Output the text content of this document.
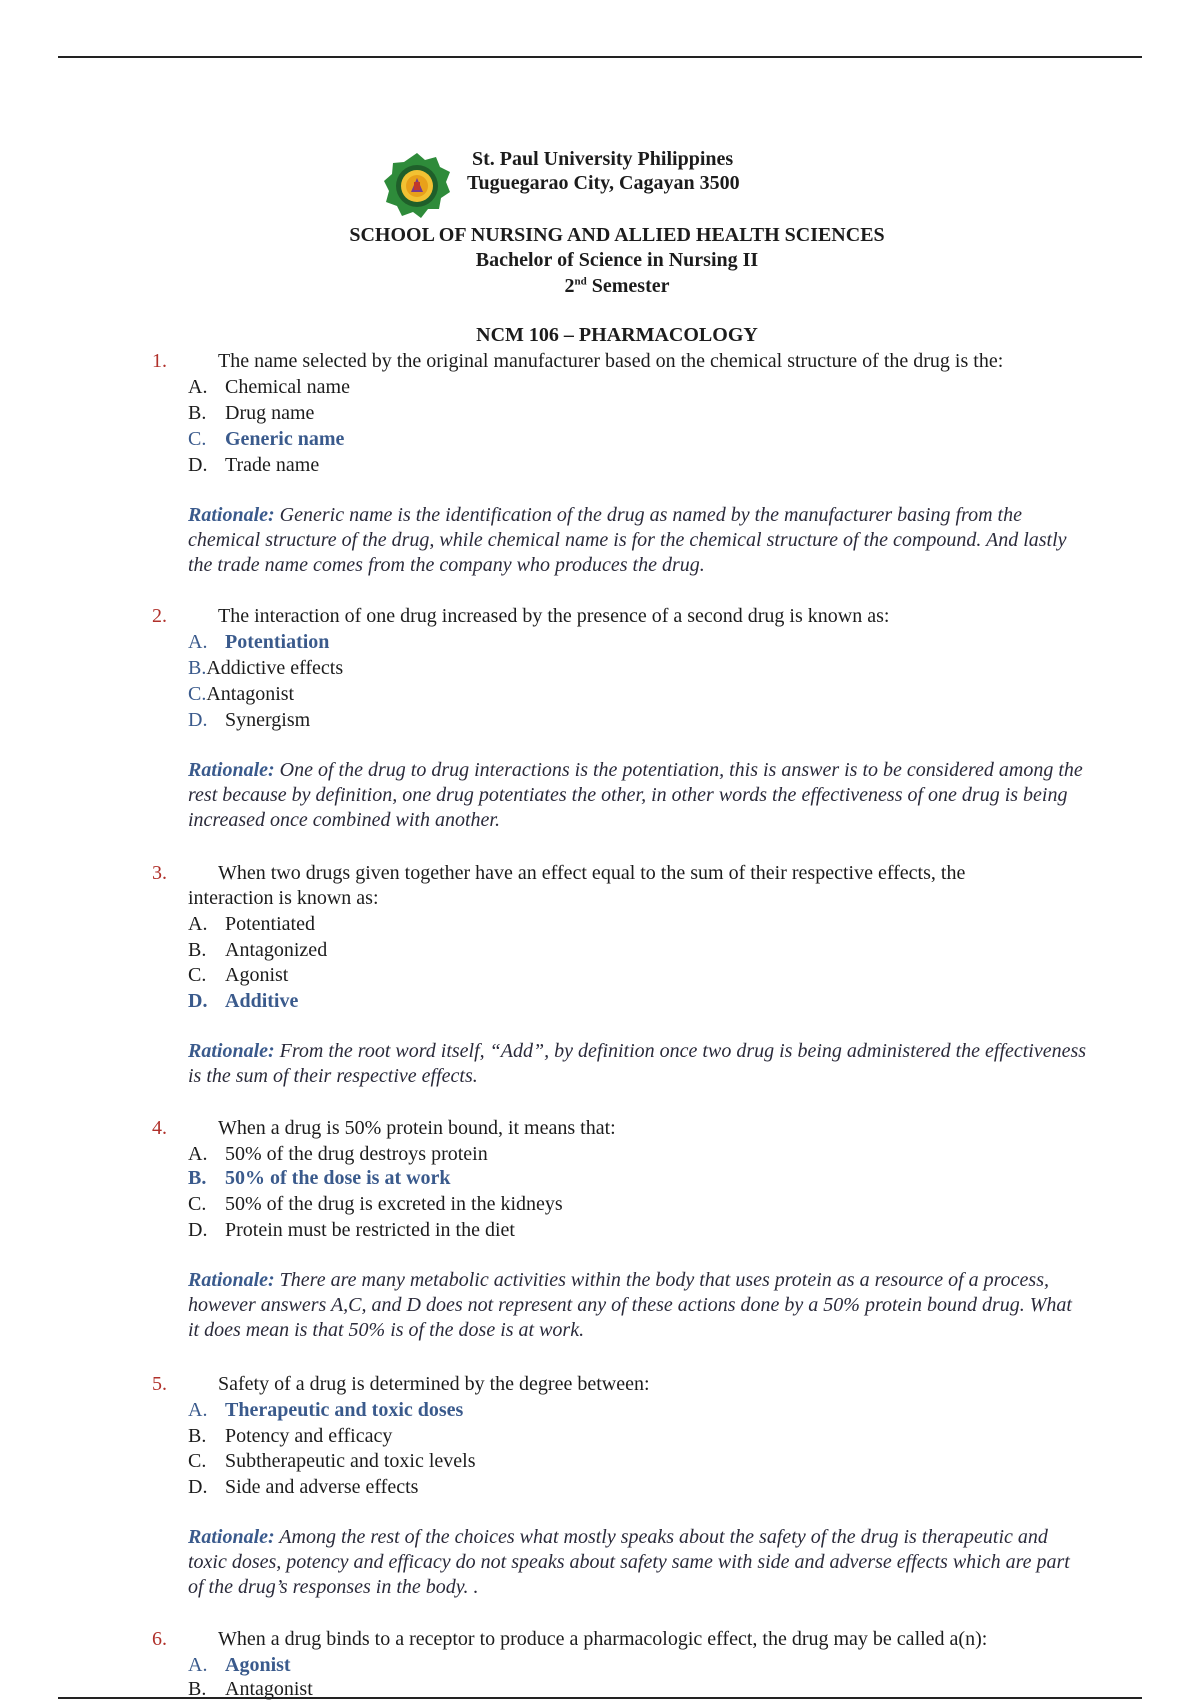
St. Paul University Philippines
Tuguegarao City, Cagayan 3500
SCHOOL OF NURSING AND ALLIED HEALTH SCIENCES
Bachelor of Science in Nursing II
2nd Semester
NCM 106 – PHARMACOLOGY
1.	The name selected by the original manufacturer based on the chemical structure of the drug is the:
A. Chemical name
B. Drug name
C. Generic name
D. Trade name
Rationale: Generic name is the identification of the drug as named by the manufacturer basing from the chemical structure of the drug, while chemical name is for the chemical structure of the compound. And lastly the trade name comes from the company who produces the drug.
2.	The interaction of one drug increased by the presence of a second drug is known as:
A. Potentiation
B.Addictive effects
C.Antagonist
D. Synergism
Rationale: One of the drug to drug interactions is the potentiation, this is answer is to be considered among the rest because by definition, one drug potentiates the other, in other words the effectiveness of one drug is being increased once combined with another.
3.	When two drugs given together have an effect equal to the sum of their respective effects, the
interaction is known as:
A. Potentiated
B. Antagonized
C. Agonist
D. Additive
Rationale: From the root word itself, “Add”, by definition once two drug is being administered the effectiveness is the sum of their respective effects.
4.	When a drug is 50% protein bound, it means that:
A. 50% of the drug destroys protein
B. 50% of the dose is at work
C. 50% of the drug is excreted in the kidneys
D. Protein must be restricted in the diet
Rationale: There are many metabolic activities within the body that uses protein as a resource of a process, however answers A,C, and D does not represent any of these actions done by a 50% protein bound drug. What it does mean is that 50% is of the dose is at work.
5.	Safety of a drug is determined by the degree between:
A. Therapeutic and toxic doses
B. Potency and efficacy
C. Subtherapeutic and toxic levels
D. Side and adverse effects
Rationale: Among the rest of the choices what mostly speaks about the safety of the drug is therapeutic and toxic doses, potency and efficacy do not speaks about safety same with side and adverse effects which are part of the drug’s responses in the body. .
6.	When a drug binds to a receptor to produce a pharmacologic effect, the drug may be called a(n):
A. Agonist
B. Antagonist
